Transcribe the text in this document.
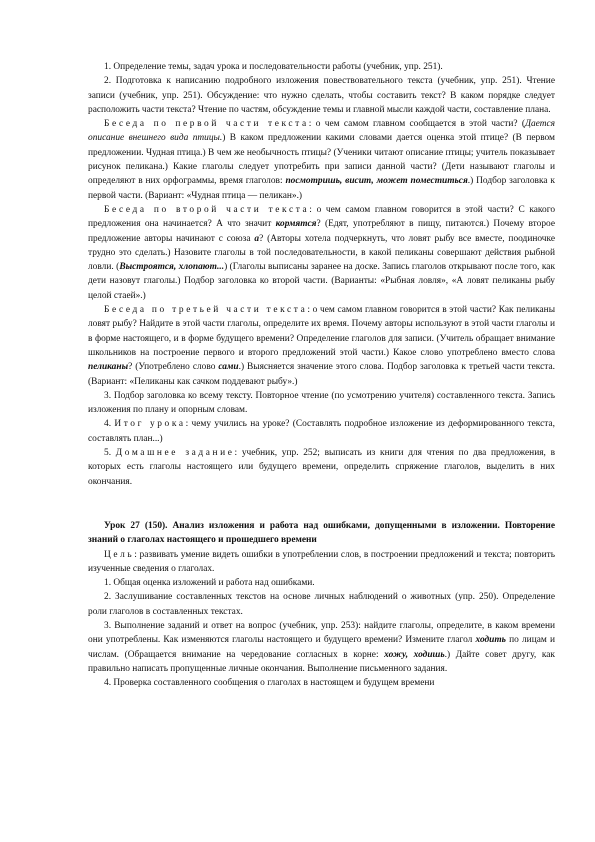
1. Определение темы, задач урока и последовательности работы (учебник, упр. 251).

2. Подготовка к написанию подробного изложения повествовательного текста (учебник, упр. 251). Чтение записи (учебник, упр. 251). Обсуждение: что нужно сделать, чтобы составить текст? В каком порядке следует расположить части текста? Чтение по частям, обсуждение темы и главной мысли каждой части, составление плана.

Беседа по первой части текста: о чем самом главном сообщается в этой части? (Дается описание внешнего вида птицы.) В каком предложении какими словами дается оценка этой птице? (В первом предложении. Чудная птица.) В чем же необычность птицы? (Ученики читают описание птицы; учитель показывает рисунок пеликана.) Какие глаголы следует употребить при записи данной части? (Дети называют глаголы и определяют в них орфограммы, время глаголов: посмотришь, висит, может поместиться.) Подбор заголовка к первой части. (Вариант: «Чудная птица — пеликан».)

Беседа по второй части текста: о чем самом главном говорится в этой части? С какого предложения она начинается? А что значит кормятся? (Едят, употребляют в пищу, питаются.) Почему второе предложение авторы начинают с союза а? (Авторы хотела подчеркнуть, что ловят рыбу все вместе, поодиночке трудно это сделать.) Назовите глаголы в той последовательности, в какой пеликаны совершают действия рыбной ловли. (Выстроятся, хлопают...) (Глаголы выписаны заранее на доске. Запись глаголов открывают после того, как дети назовут глаголы.) Подбор заголовка ко второй части. (Варианты: «Рыбная ловля», «А ловят пеликаны рыбу целой стаей».)

Беседа по третьей части текста: о чем самом главном говорится в этой части? Как пеликаны ловят рыбу? Найдите в этой части глаголы, определите их время. Почему авторы используют в этой части глаголы и в форме настоящего, и в форме будущего времени? Определение глаголов для записи. (Учитель обращает внимание школьников на построение первого и второго предложений этой части.) Какое слово употреблено вместо слова пеликаны? (Употреблено слово сами.) Выясняется значение этого слова. Подбор заголовка к третьей части текста. (Вариант: «Пеликаны как сачком поддевают рыбу».)

3. Подбор заголовка ко всему тексту. Повторное чтение (по усмотрению учителя) составленного текста. Запись изложения по плану и опорным словам.

4. Итог урока: чему учились на уроке? (Составлять подробное изложение из деформированного текста, составлять план...)

5. Домашнее задание: учебник, упр. 252; выписать из книги для чтения по два предложения, в которых есть глаголы настоящего или будущего времени, определить спряжение глаголов, выделить в них окончания.

Урок 27 (150). Анализ изложения и работа над ошибками, допущенными в изложении. Повторение знаний о глаголах настоящего и прошедшего времени

Цель: развивать умение видеть ошибки в употреблении слов, в построении предложений и текста; повторить изученные сведения о глаголах.

1. Общая оценка изложений и работа над ошибками.

2. Заслушивание составленных текстов на основе личных наблюдений о животных (упр. 250). Определение роли глаголов в составленных текстах.

3. Выполнение заданий и ответ на вопрос (учебник, упр. 253): найдите глаголы, определите, в каком времени они употреблены. Как изменяются глаголы настоящего и будущего времени? Измените глагол ходить по лицам и числам. (Обращается внимание на чередование согласных в корне: хожу, ходишь.) Дайте совет другу, как правильно написать пропущенные личные окончания. Выполнение письменного задания.

4. Проверка составленного сообщения о глаголах в настоящем и будущем времени
